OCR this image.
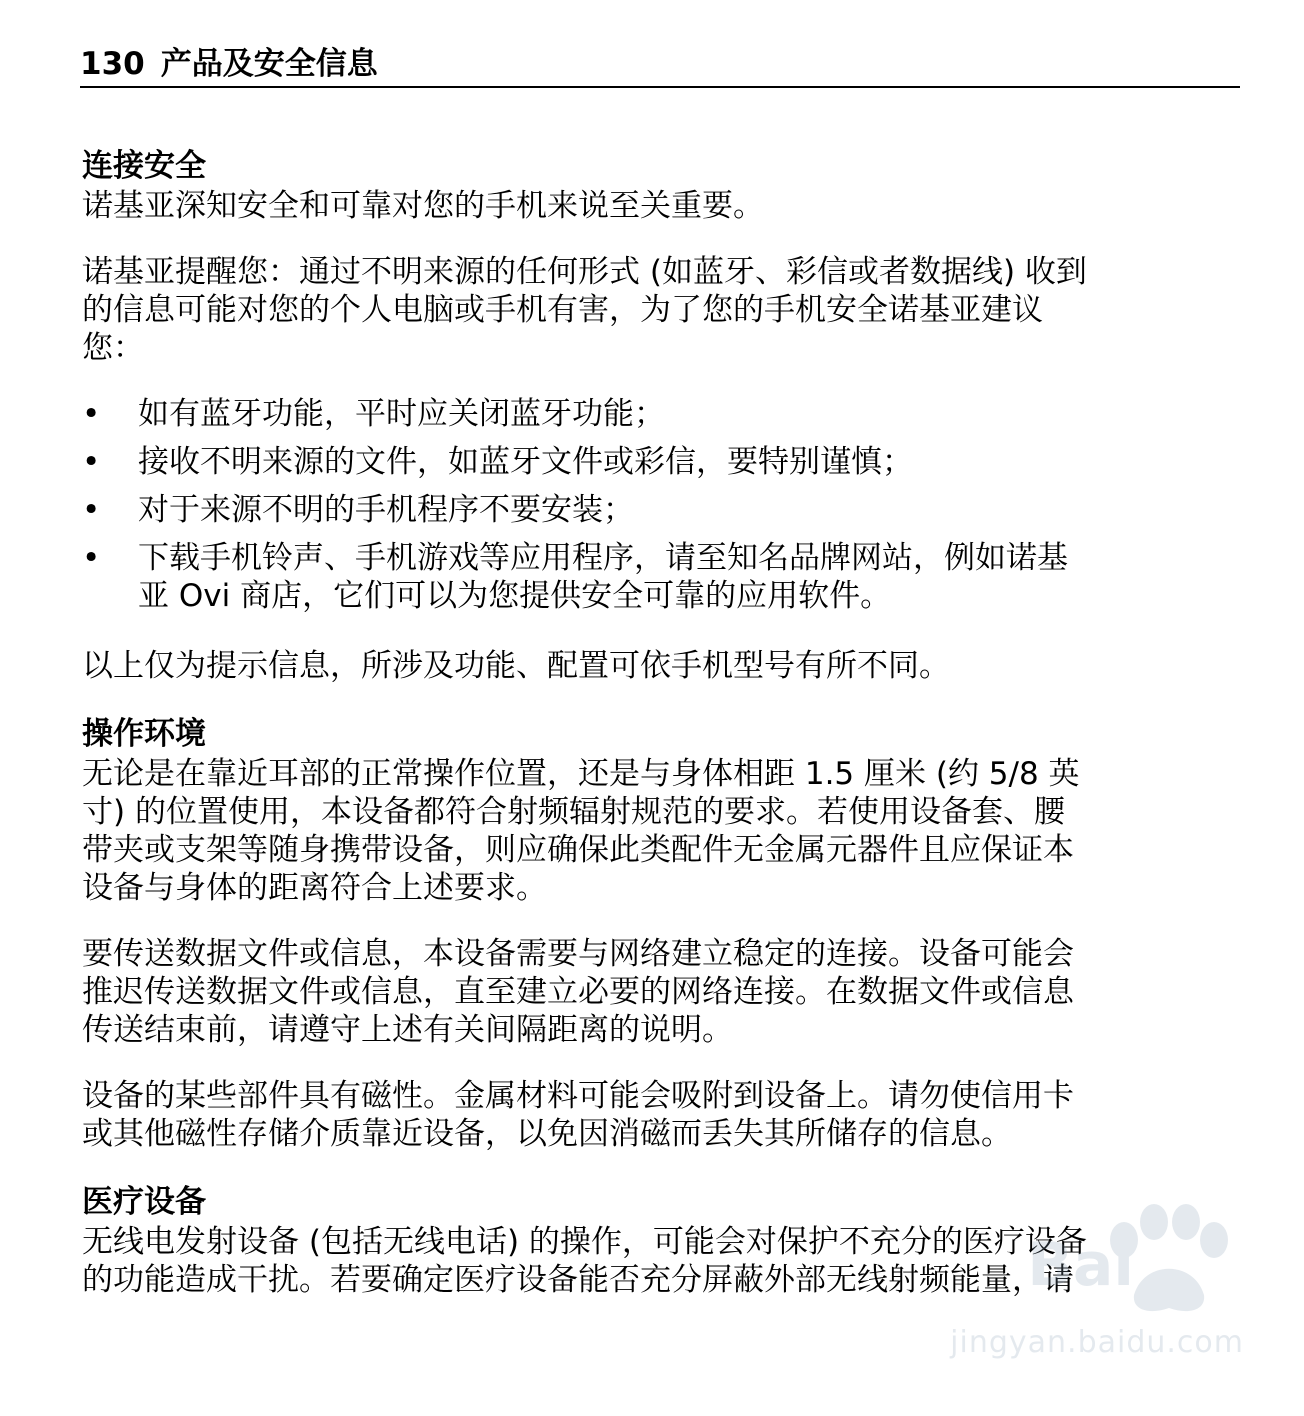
130 产品及安全信息
连接安全

诺基亚深知安全和可靠对您的手机来说至关重要。

诺基亚提醒您：通过不明来源的任何形式 (如蓝牙、彩信或者数据线) 收到
的信息可能对您的个人电脑或手机有害，为了您的手机安全诺基亚建议
您：
• 如有蓝牙功能，平时应关闭蓝牙功能；
• 接收不明来源的文件，如蓝牙文件或彩信，要特别谨慎；
• 对于来源不明的手机程序不要安装；
• 下载手机铃声、手机游戏等应用程序，请至知名品牌网站，例如诺基
亚 Ovi 商店，它们可以为您提供安全可靠的应用软件。

以上仅为提示信息，所涉及功能、配置可依手机型号有所不同。

操作环境
无论是在靠近耳部的正常操作位置，还是与身体相距 1.5 厘米 (约 5/8 英
寸) 的位置使用，本设备都符合射频辐射规范的要求。若使用设备套、腰
带夹或支架等随身携带设备，则应确保此类配件无金属元器件且应保证本
设备与身体的距离符合上述要求。
要传送数据文件或信息，本设备需要与网络建立稳定的连接。设备可能会
推迟传送数据文件或信息，直至建立必要的网络连接。在数据文件或信息
传送结束前，请遵守上述有关间隔距离的说明。
设备的某些部件具有磁性。金属材料可能会吸附到设备上。请勿使信用卡
或其他磁性存储介质靠近设备，以免因消磁而丢失其所储存的信息。
医疗设备
无线电发射设备 (包括无线电话) 的操作，可能会对保护不充分的医疗设备
的功能造成干扰。若要确定医疗设备能否充分屏蔽外部无线射频能量，请
Bai
jingyan.baidu.com
